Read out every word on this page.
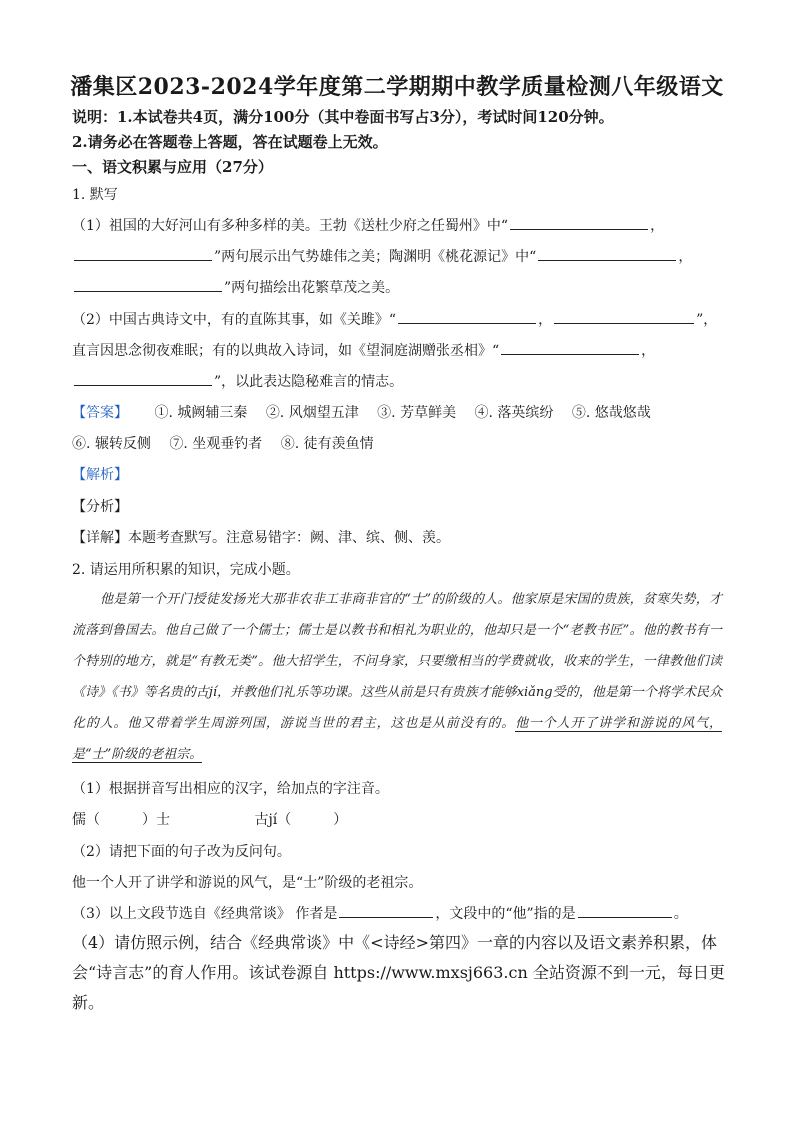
潘集区2023-2024学年度第二学期期中教学质量检测八年级语文
说明：1.本试卷共4页，满分100分（其中卷面书写占3分），考试时间120分钟。
2.请务必在答题卷上答题，答在试题卷上无效。
一、语文积累与应用（27分）
1. 默写
（1）祖国的大好河山有多种多样的美。王勃《送杜少府之任蜀州》中“	，
”两句展示出气势雄伟之美；陶渊明《桃花源记》中“	，
”两句描绘出花繁草茂之美。
（2）中国古典诗文中，有的直陈其事，如《关雎》“	，	”，
直言因思念彻夜难眠；有的以典故入诗词，如《望洞庭湖赠张丞相》“	，
”，以此表达隐秘难言的情志。
【答案】 ①. 城阙辅三秦 ②. 风烟望五津 ③. 芳草鲜美 ④. 落英缤纷 ⑤. 悠哉悠哉
⑥. 辗转反侧 ⑦. 坐观垂钓者 ⑧. 徒有羡鱼情
【解析】
【分析】
【详解】本题考查默写。注意易错字：阙、津、缤、侧、羡。
2. 请运用所积累的知识，完成小题。

他是第一个开门授徒发扬光大那非农非工非商非官的“士”的阶级的人。他家原是宋国的贵族，贫寒失势，才流落到鲁国去。他自己做了一个儒士；儒士是以教书和相礼为职业的，他却只是一个“老教书匠”。他的教书有一个特别的地方，就是“有教无类”。他大招学生，不问身家，只要缴相当的学费就收，收来的学生，一律教他们读《诗》《书》等名贵的古jí，并教他们礼乐等功课。这些从前是只有贵族才能够xiǎng受的，他是第一个将学术民众化的人。他又带着学生周游列国，游说当世的君主，这也是从前没有的。他一个人开了讲学和游说的风气，是“士”阶级的老祖宗。

（1）根据拼音写出相应的汉字，给加点的字注音。
儒（　　　）士	古jí（　　　）
（2）请把下面的句子改为反问句。
他一个人开了讲学和游说的风气，是“士”阶级的老祖宗。
（3）以上文段节选自《经典常谈》 作者是	，文段中的“他”指的是	。
（4）请仿照示例，结合《经典常谈》中《<诗经>第四》一章的内容以及语文素养积累，体
会“诗言志”的育人作用。该试卷源自 https://www.mxsj663.cn 全站资源不到一元，每日更
新。
